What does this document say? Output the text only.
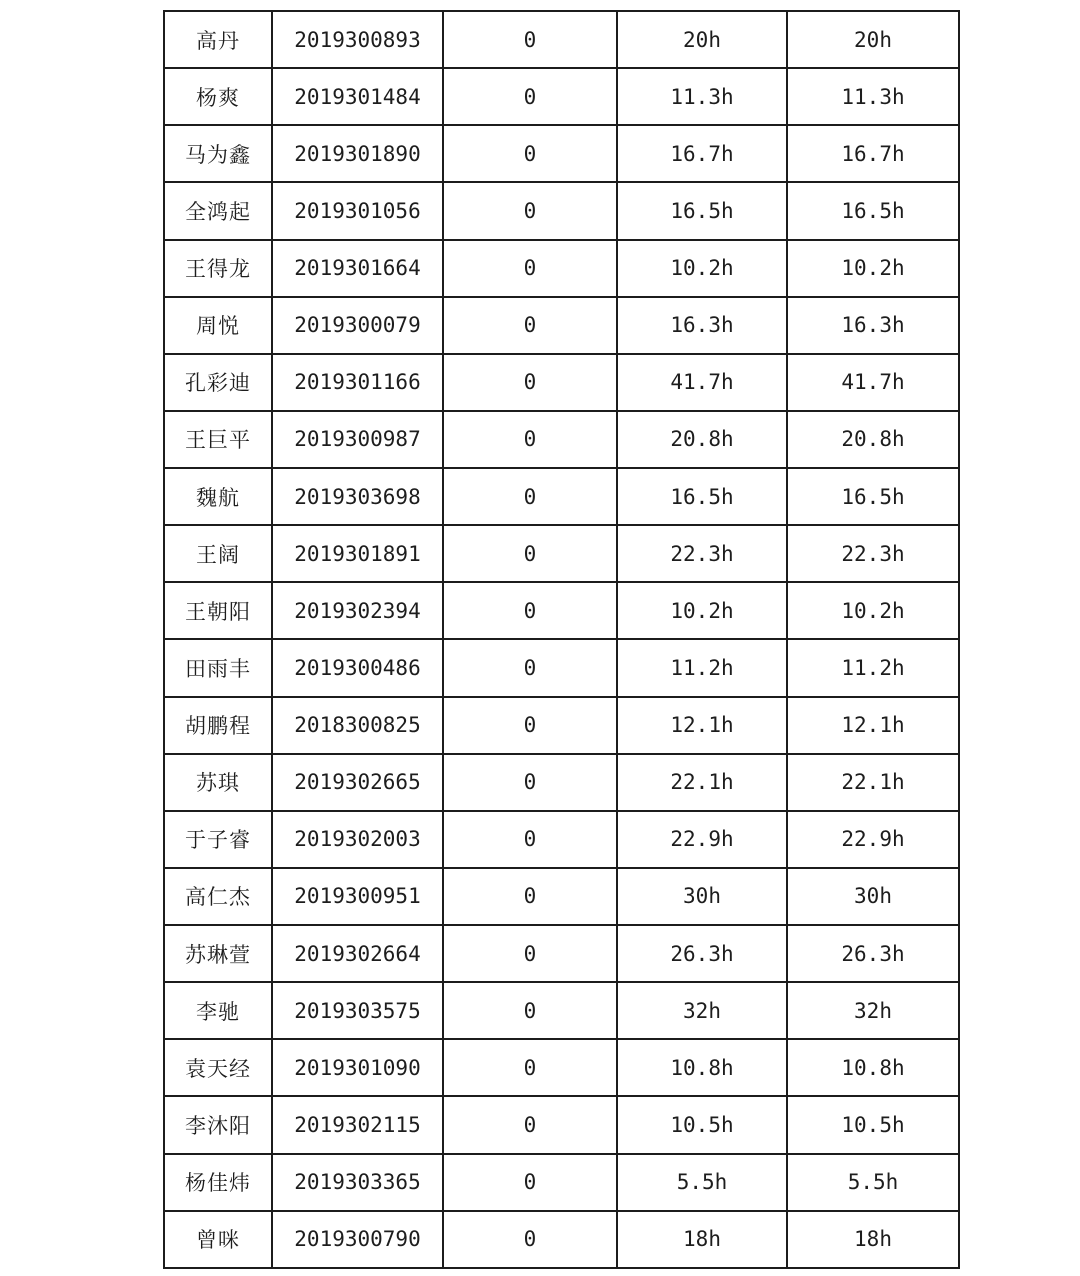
高丹	2019300893	0	20h	20h
杨爽	2019301484	0	11.3h	11.3h
马为鑫	2019301890	0	16.7h	16.7h
全鸿起	2019301056	0	16.5h	16.5h
王得龙	2019301664	0	10.2h	10.2h
周悦	2019300079	0	16.3h	16.3h
孔彩迪	2019301166	0	41.7h	41.7h
王巨平	2019300987	0	20.8h	20.8h
魏航	2019303698	0	16.5h	16.5h
王阔	2019301891	0	22.3h	22.3h
王朝阳	2019302394	0	10.2h	10.2h
田雨丰	2019300486	0	11.2h	11.2h
胡鹏程	2018300825	0	12.1h	12.1h
苏琪	2019302665	0	22.1h	22.1h
于子睿	2019302003	0	22.9h	22.9h
高仁杰	2019300951	0	30h	30h
苏琳萱	2019302664	0	26.3h	26.3h
李驰	2019303575	0	32h	32h
袁天经	2019301090	0	10.8h	10.8h
李沐阳	2019302115	0	10.5h	10.5h
杨佳炜	2019303365	0	5.5h	5.5h
曾咪	2019300790	0	18h	18h
